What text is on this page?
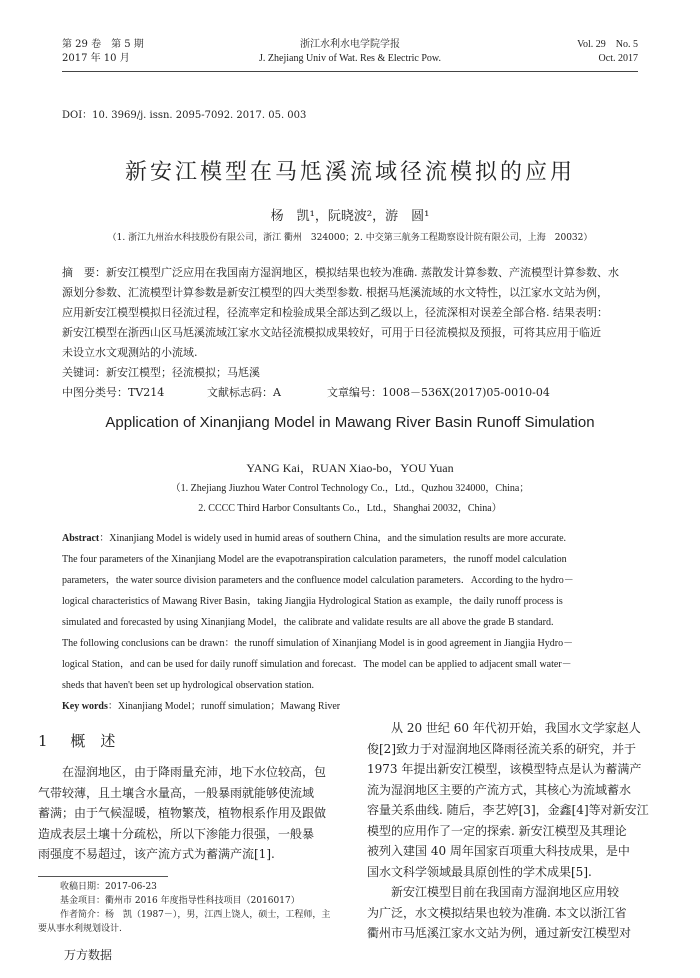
第 29 卷　第 5 期
2017 年 10 月
浙江水利水电学院学报
J. Zhejiang Univ of Wat. Res & Electric Pow.
Vol. 29　No. 5
Oct. 2017
DOI：10. 3969/j. issn. 2095-7092. 2017. 05. 003
新安江模型在马尪溪流域径流模拟的应用
杨　凯¹，阮晓波²，游　圆¹
（1. 浙江九州治水科技股份有限公司，浙江 衢州　324000；2. 中交第三航务工程勘察设计院有限公司，上海　20032）
摘　要：新安江模型广泛应用在我国南方湿润地区，模拟结果也较为准确. 蒸散发计算参数、产流模型计算参数、水
源划分参数、汇流模型计算参数是新安江模型的四大类型参数. 根据马尪溪流域的水文特性，以江家水文站为例，
应用新安江模型模拟日径流过程，径流率定和检验成果全部达到乙级以上，径流深相对误差全部合格. 结果表明：
新安江模型在浙西山区马尪溪流域江家水文站径流模拟成果较好，可用于日径流模拟及预报，可将其应用于临近
未设立水文观测站的小流域.
关键词：新安江模型；径流模拟；马尪溪
中图分类号：TV214	文献标志码：A	文章编号：1008－536X(2017)05-0010-04
Application of Xinanjiang Model in Mawang River Basin Runoff Simulation
YANG Kai，RUAN Xiao-bo，YOU Yuan
（1. Zhejiang Jiuzhou Water Control Technology Co.，Ltd.，Quzhou 324000，China；
2. CCCC Third Harbor Consultants Co.，Ltd.，Shanghai 20032，China）
Abstract：Xinanjiang Model is widely used in humid areas of southern China，and the simulation results are more accurate.
The four parameters of the Xinanjiang Model are the evapotranspiration calculation parameters，the runoff model calculation
parameters，the water source division parameters and the confluence model calculation parameters．According to the hydro－
logical characteristics of Mawang River Basin，taking Jiangjia Hydrological Station as example，the daily runoff process is
simulated and forecasted by using Xinanjiang Model，the calibrate and validate results are all above the grade B standard.
The following conclusions can be drawn：the runoff simulation of Xinanjiang Model is in good agreement in Jiangjia Hydro－
logical Station，and can be used for daily runoff simulation and forecast．The model can be applied to adjacent small water－
sheds that haven't been set up hydrological observation station.
Key words：Xinanjiang Model；runoff simulation；Mawang River
1 概　述
　　在湿润地区，由于降雨量充沛，地下水位较高，包
气带较薄，且土壤含水量高，一般暴雨就能够使流域
蓄满；由于气候湿暖，植物繁茂，植物根系作用及跟做
造成表层土壤十分疏松，所以下渗能力很强，一般暴
雨强度不易超过，该产流方式为蓄满产流[1].
收稿日期：2017-06-23
基金项目：衢州市 2016 年度指导性科技项目（2016017）
作者简介：杨　凯（1987－），男，江西上饶人，硕士，工程师，主
要从事水利规划设计.
万方数据
　　从 20 世纪 60 年代初开始，我国水文学家赵人
俊[2]致力于对湿润地区降雨径流关系的研究，并于
1973 年提出新安江模型，该模型特点是认为蓄满产
流为湿润地区主要的产流方式，其核心为流域蓄水
容量关系曲线. 随后，李艺婷[3]，金鑫[4]等对新安江
模型的应用作了一定的探索. 新安江模型及其理论
被列入建国 40 周年国家百项重大科技成果，是中
国水文科学领域最具原创性的学术成果[5].
　　新安江模型目前在我国南方湿润地区应用较
为广泛，水文模拟结果也较为准确. 本文以浙江省
衢州市马尪溪江家水文站为例，通过新安江模型对
